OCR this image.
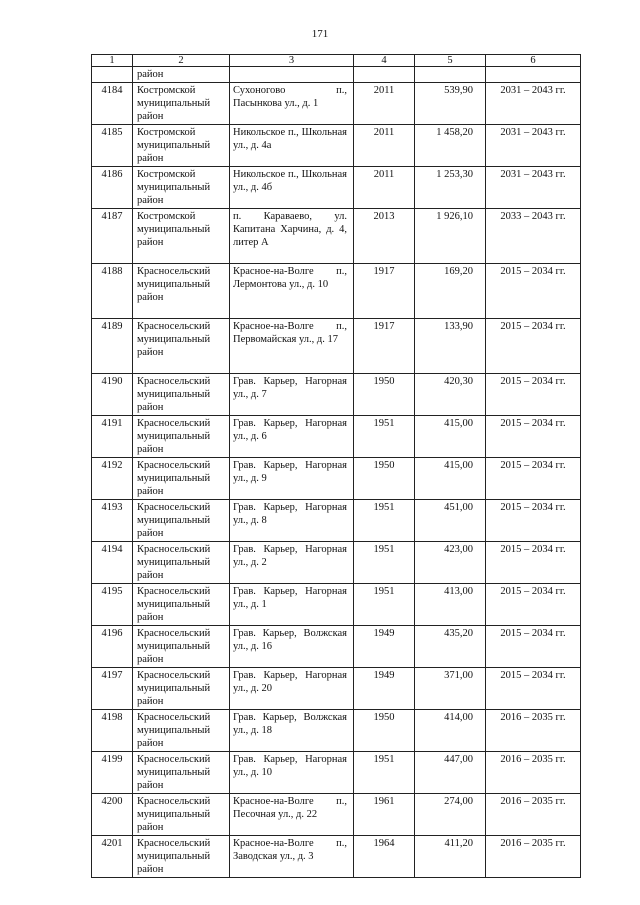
171
1	2	3	4	5	6
	район				
4184	Костромской муниципальный район	Сухоногово п., Пасынкова ул., д. 1	2011	539,90	2031 – 2043 гг.
4185	Костромской муниципальный район	Никольское п., Школьная ул., д. 4а	2011	1 458,20	2031 – 2043 гг.
4186	Костромской муниципальный район	Никольское п., Школьная ул., д. 4б	2011	1 253,30	2031 – 2043 гг.
4187	Костромской муниципальный район	п. Караваево, ул. Капитана Харчина, д. 4, литер А	2013	1 926,10	2033 – 2043 гг.
4188	Красносельский муниципальный район	Красное-на-Волге п., Лермонтова ул., д. 10	1917	169,20	2015 – 2034 гг.
4189	Красносельский муниципальный район	Красное-на-Волге п., Первомайская ул., д. 17	1917	133,90	2015 – 2034 гг.
4190	Красносельский муниципальный район	Грав. Карьер, Нагорная ул., д. 7	1950	420,30	2015 – 2034 гг.
4191	Красносельский муниципальный район	Грав. Карьер, Нагорная ул., д. 6	1951	415,00	2015 – 2034 гг.
4192	Красносельский муниципальный район	Грав. Карьер, Нагорная ул., д. 9	1950	415,00	2015 – 2034 гг.
4193	Красносельский муниципальный район	Грав. Карьер, Нагорная ул., д. 8	1951	451,00	2015 – 2034 гг.
4194	Красносельский муниципальный район	Грав. Карьер, Нагорная ул., д. 2	1951	423,00	2015 – 2034 гг.
4195	Красносельский муниципальный район	Грав. Карьер, Нагорная ул., д. 1	1951	413,00	2015 – 2034 гг.
4196	Красносельский муниципальный район	Грав. Карьер, Волжская ул., д. 16	1949	435,20	2015 – 2034 гг.
4197	Красносельский муниципальный район	Грав. Карьер, Нагорная ул., д. 20	1949	371,00	2015 – 2034 гг.
4198	Красносельский муниципальный район	Грав. Карьер, Волжская ул., д. 18	1950	414,00	2016 – 2035 гг.
4199	Красносельский муниципальный район	Грав. Карьер, Нагорная ул., д. 10	1951	447,00	2016 – 2035 гг.
4200	Красносельский муниципальный район	Красное-на-Волге п., Песочная ул., д. 22	1961	274,00	2016 – 2035 гг.
4201	Красносельский муниципальный район	Красное-на-Волге п., Заводская ул., д. 3	1964	411,20	2016 – 2035 гг.
